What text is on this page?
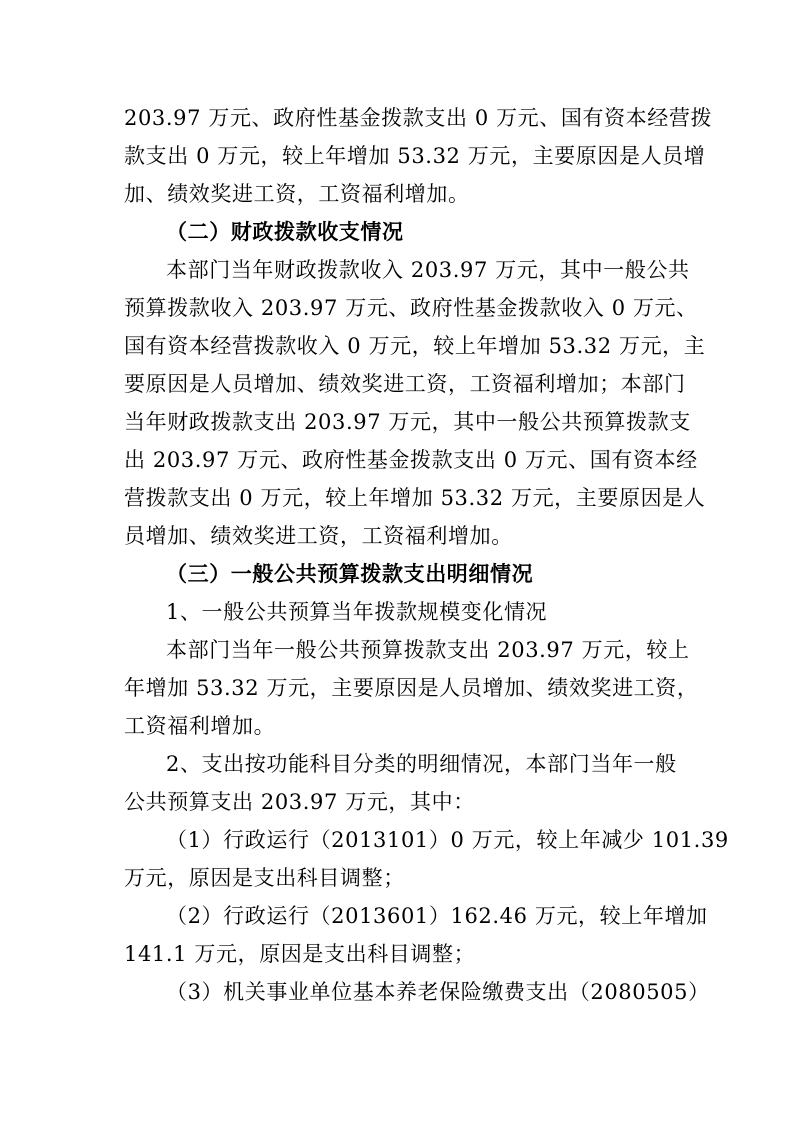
203.97 万元、政府性基金拨款支出 0 万元、国有资本经营拨
款支出 0 万元，较上年增加 53.32 万元，主要原因是人员增
加、绩效奖进工资，工资福利增加。
（二）财政拨款收支情况
本部门当年财政拨款收入 203.97 万元，其中一般公共
预算拨款收入 203.97 万元、政府性基金拨款收入 0 万元、
国有资本经营拨款收入 0 万元，较上年增加 53.32 万元，主
要原因是人员增加、绩效奖进工资，工资福利增加；本部门
当年财政拨款支出 203.97 万元，其中一般公共预算拨款支
出 203.97 万元、政府性基金拨款支出 0 万元、国有资本经
营拨款支出 0 万元，较上年增加 53.32 万元，主要原因是人
员增加、绩效奖进工资，工资福利增加。
（三）一般公共预算拨款支出明细情况
1、一般公共预算当年拨款规模变化情况
本部门当年一般公共预算拨款支出 203.97 万元，较上
年增加 53.32 万元，主要原因是人员增加、绩效奖进工资，
工资福利增加。
2、支出按功能科目分类的明细情况，本部门当年一般
公共预算支出 203.97 万元，其中：
（1）行政运行（2013101）0 万元，较上年减少 101.39
万元，原因是支出科目调整；
（2）行政运行（2013601）162.46 万元，较上年增加
141.1 万元，原因是支出科目调整；
（3）机关事业单位基本养老保险缴费支出（2080505）
